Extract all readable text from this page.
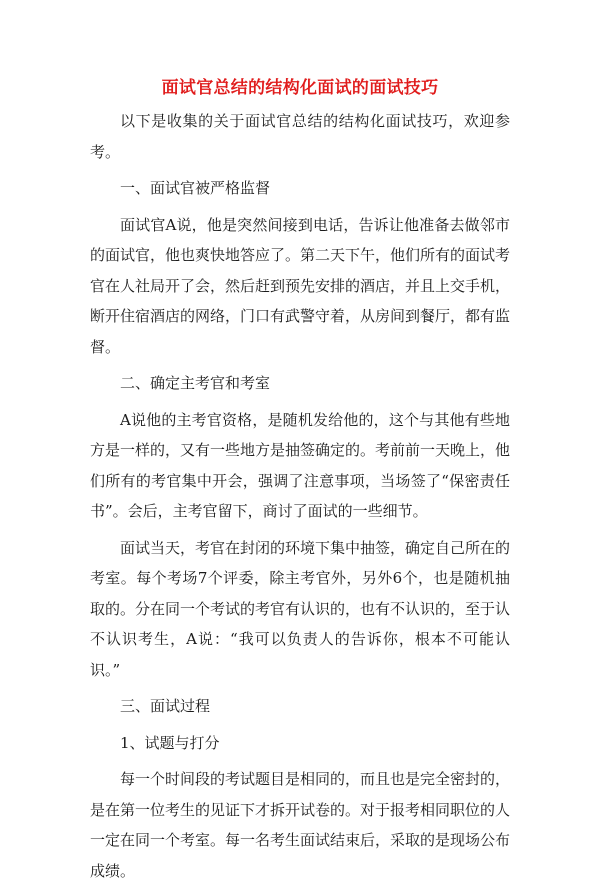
面试官总结的结构化面试的面试技巧

以下是收集的关于面试官总结的结构化面试技巧，欢迎参考。

一、面试官被严格监督

面试官A说，他是突然间接到电话，告诉让他准备去做邻市的面试官，他也爽快地答应了。第二天下午，他们所有的面试考官在人社局开了会，然后赶到预先安排的酒店，并且上交手机，断开住宿酒店的网络，门口有武警守着，从房间到餐厅，都有监督。

二、确定主考官和考室

A说他的主考官资格，是随机发给他的，这个与其他有些地方是一样的，又有一些地方是抽签确定的。考前前一天晚上，他们所有的考官集中开会，强调了注意事项，当场签了“保密责任书”。会后，主考官留下，商讨了面试的一些细节。

面试当天，考官在封闭的环境下集中抽签，确定自己所在的考室。每个考场7个评委，除主考官外，另外6个，也是随机抽取的。分在同一个考试的考官有认识的，也有不认识的，至于认不认识考生，A说：“我可以负责人的告诉你，根本不可能认识。”

三、面试过程

1、试题与打分

每一个时间段的考试题目是相同的，而且也是完全密封的，是在第一位考生的见证下才拆开试卷的。对于报考相同职位的人一定在同一个考室。每一名考生面试结束后，采取的是现场公布成绩。
